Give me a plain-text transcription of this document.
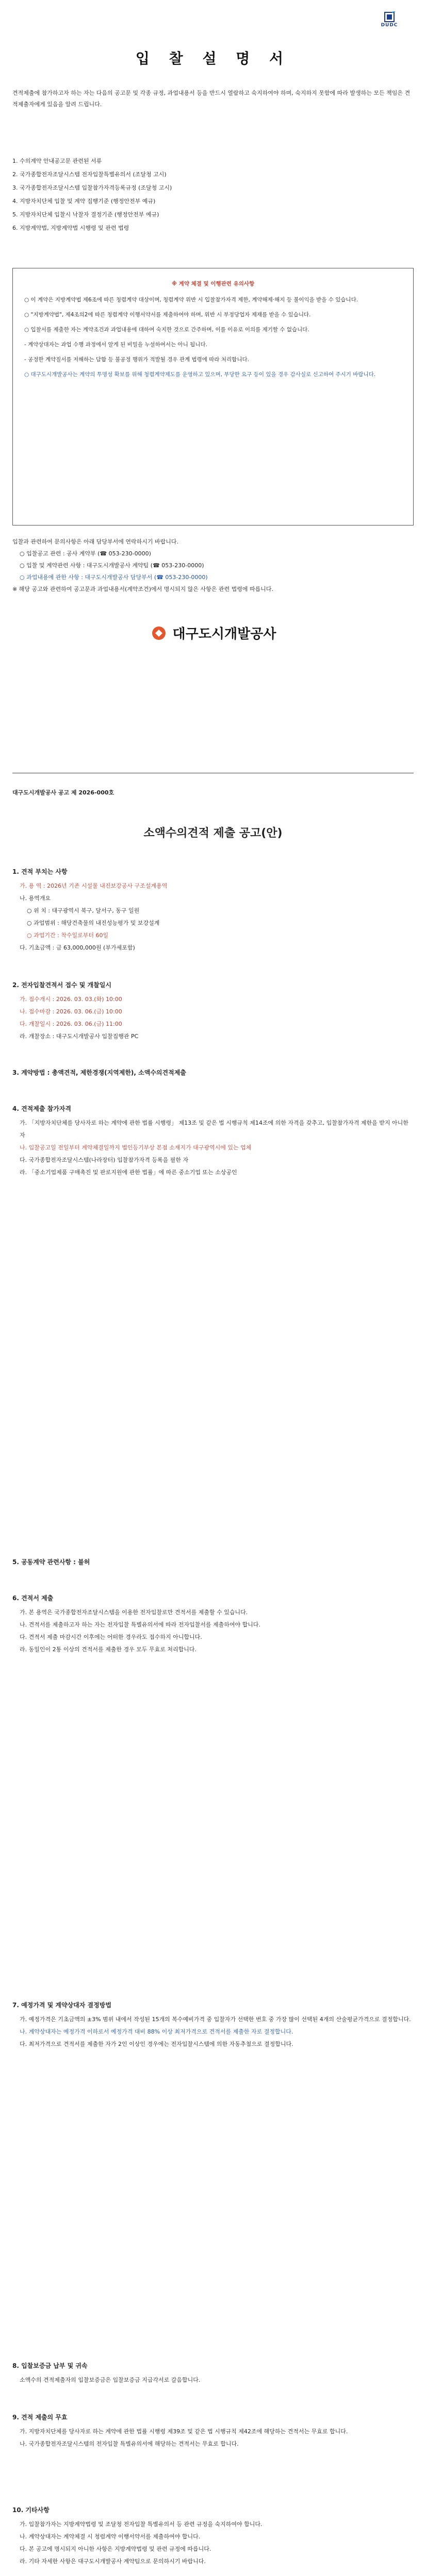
DUDC
입 찰 설 명 서
견적제출에 참가하고자 하는 자는 다음의 공고문 및 각종 규정, 과업내용서 등을 반드시 열람하고 숙지하여야 하며, 숙지하지 못함에 따라 발생하는 모든 책임은 견적제출자에게 있음을 알려 드립니다.
1. 수의계약 안내공고문 관련된 서류
2. 국가종합전자조달시스템 전자입찰특별유의서 (조달청 고시)
3. 국가종합전자조달시스템 입찰참가자격등록규정 (조달청 고시)
4. 지방자치단체 입찰 및 계약 집행기준 (행정안전부 예규)
5. 지방자치단체 입찰시 낙찰자 결정기준 (행정안전부 예규)
6. 지방계약법, 지방계약법 시행령 및 관련 법령
※ 계약 체결 및 이행관련 유의사항

○ 이 계약은 지방계약법 제6조에 따른 청렴계약 대상이며, 청렴계약 위반 시 입찰참가자격 제한, 계약해제·해지 등 불이익을 받을 수 있습니다.

○ "지방계약법", 제4조의2에 따른 청렴계약 이행서약서를 제출하여야 하며, 위반 시 부정당업자 제재를 받을 수 있습니다.

○ 입찰서를 제출한 자는 계약조건과 과업내용에 대하여 숙지한 것으로 간주하며, 이를 이유로 이의를 제기할 수 없습니다.

- 계약상대자는 과업 수행 과정에서 알게 된 비밀을 누설하여서는 아니 됩니다.

- 공정한 계약질서를 저해하는 담합 등 불공정 행위가 적발될 경우 관계 법령에 따라 처리합니다.

○ 대구도시개발공사는 계약의 투명성 확보를 위해 청렴계약제도를 운영하고 있으며, 부당한 요구 등이 있을 경우 감사실로 신고하여 주시기 바랍니다.

입찰과 관련하여 문의사항은 아래 담당부서에 연락하시기 바랍니다.
○ 입찰공고 관련 : 공사 계약부 (☎ 053-230-0000)
○ 입찰 및 계약관련 사항 : 대구도시개발공사 계약팀 (☎ 053-230-0000)
○ 과업내용에 관한 사항 : 대구도시개발공사 담당부서 (☎ 053-230-0000)
※ 해당 공고와 관련하여 공고문과 과업내용서(계약조건)에서 명시되지 않은 사항은 관련 법령에 따릅니다.
대구도시개발공사
대구도시개발공사 공고 제 2026-000호
소액수의견적 제출 공고(안)
1. 견적 부치는 사항
가. 용 역 : 2026년 기존 시설물 내진보강공사 구조설계용역
나. 용역개요
○ 위 치 : 대구광역시 북구, 달서구, 동구 일원
○ 과업범위 : 해당건축물의 내진성능평가 및 보강설계
○ 과업기간 : 착수일로부터 60일
다. 기초금액 : 금 63,000,000원 (부가세포함)
2. 전자입찰견적서 접수 및 개찰일시
가. 접수개시 : 2026. 03. 03.(화) 10:00
나. 접수마감 : 2026. 03. 06.(금) 10:00
다. 개찰일시 : 2026. 03. 06.(금) 11:00
라. 개찰장소 : 대구도시개발공사 입찰집행관 PC
3. 계약방법 : 총액견적, 제한경쟁(지역제한), 소액수의견적제출
4. 견적제출 참가자격
가. 「지방자치단체를 당사자로 하는 계약에 관한 법률 시행령」 제13조 및 같은 법 시행규칙 제14조에 의한 자격을 갖추고, 입찰참가자격 제한을 받지 아니한 자
나. 입찰공고일 전일부터 계약체결일까지 법인등기부상 본점 소재지가 대구광역시에 있는 업체
다. 국가종합전자조달시스템(나라장터) 입찰참가자격 등록을 필한 자
라. 「중소기업제품 구매촉진 및 판로지원에 관한 법률」에 따른 중소기업 또는 소상공인
5. 공동계약 관련사항 : 불허
6. 견적서 제출
가. 본 용역은 국가종합전자조달시스템을 이용한 전자입찰로만 견적서를 제출할 수 있습니다.
나. 견적서를 제출하고자 하는 자는 전자입찰 특별유의서에 따라 전자입찰서를 제출하여야 합니다.
다. 견적서 제출 마감시간 이후에는 어떠한 경우라도 접수하지 아니합니다.
라. 동일인이 2통 이상의 견적서를 제출한 경우 모두 무효로 처리합니다.
7. 예정가격 및 계약상대자 결정방법
가. 예정가격은 기초금액의 ±3% 범위 내에서 작성된 15개의 복수예비가격 중 입찰자가 선택한 번호 중 가장 많이 선택된 4개의 산술평균가격으로 결정합니다.
나. 계약상대자는 예정가격 이하로서 예정가격 대비 88% 이상 최저가격으로 견적서를 제출한 자로 결정합니다.
다. 최저가격으로 견적서를 제출한 자가 2인 이상인 경우에는 전자입찰시스템에 의한 자동추첨으로 결정합니다.
8. 입찰보증금 납부 및 귀속
소액수의 견적제출자의 입찰보증금은 입찰보증금 지급각서로 갈음합니다.
9. 견적 제출의 무효
가. 지방자치단체를 당사자로 하는 계약에 관한 법률 시행령 제39조 및 같은 법 시행규칙 제42조에 해당하는 견적서는 무효로 합니다.
나. 국가종합전자조달시스템의 전자입찰 특별유의서에 해당하는 견적서는 무효로 합니다.
10. 기타사항
가. 입찰참가자는 지방계약법령 및 조달청 전자입찰 특별유의서 등 관련 규정을 숙지하여야 합니다.
나. 계약상대자는 계약체결 시 청렴계약 이행서약서를 제출하여야 합니다.
다. 본 공고에 명시되지 아니한 사항은 지방계약법령 및 관련 규정에 따릅니다.
라. 기타 자세한 사항은 대구도시개발공사 계약팀으로 문의하시기 바랍니다.
